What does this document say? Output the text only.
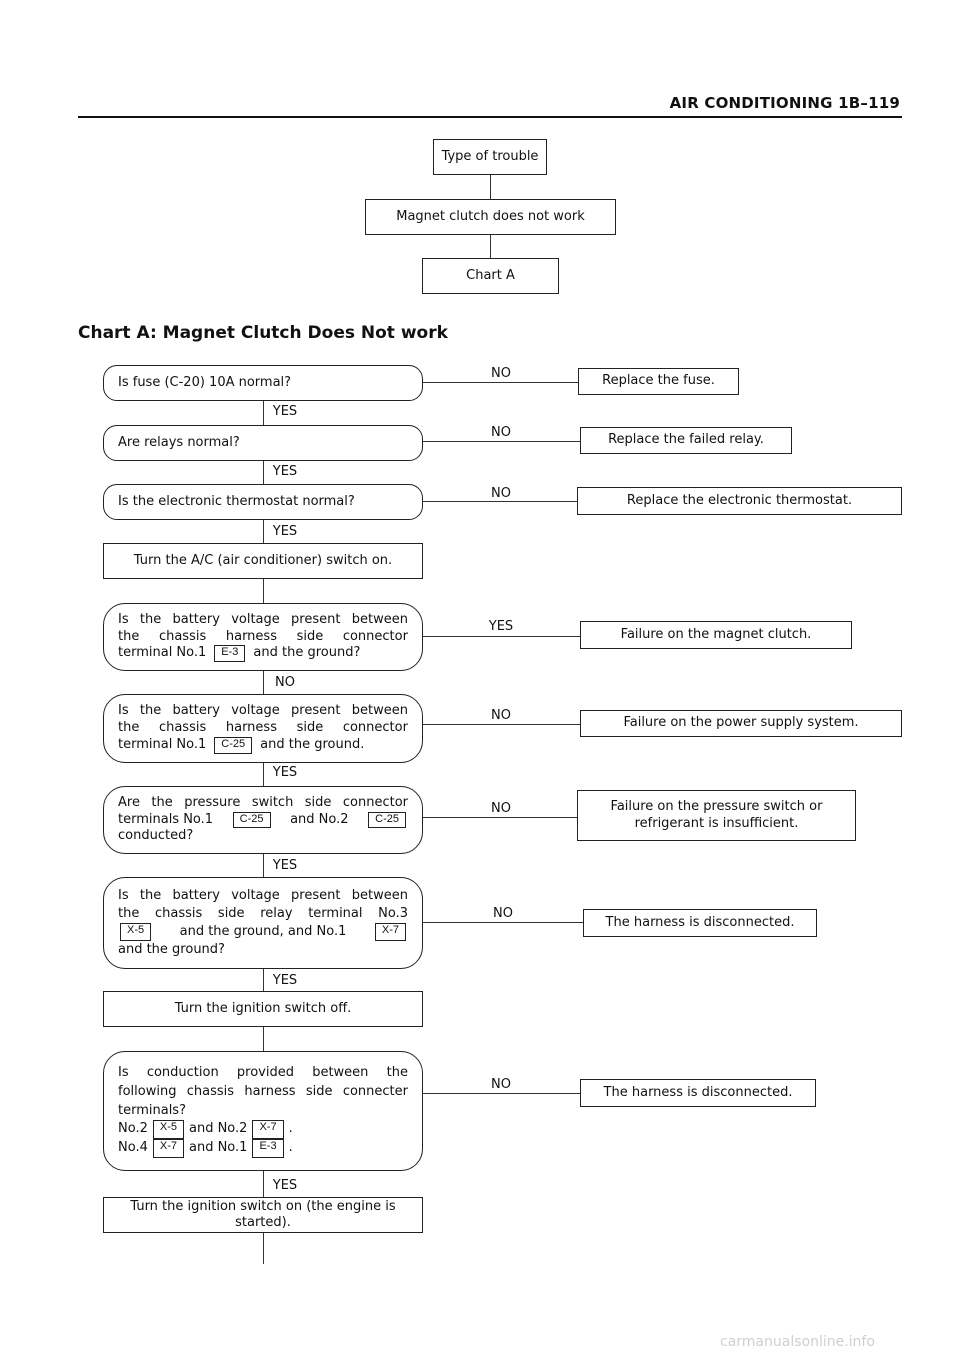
AIR CONDITIONING 1B–119
Type of trouble
Magnet clutch does not work
Chart A
Chart A: Magnet Clutch Does Not work
YES
YES
YES
NO
YES
YES
YES
YES
Is fuse (C-20) 10A normal?
NO	Replace the fuse.
Are relays normal?
NO	Replace the failed relay.
Is the electronic thermostat normal?
NO	Replace the electronic thermostat.
Turn the A/C (air conditioner) switch on.
Is the battery voltage present between
the chassis harness side connector
terminal No.1	E-3	and the ground?
YES
Failure on the magnet clutch.
Is the battery voltage present between
the chassis harness side connector
terminal No.1	C-25	and the ground.
NO	Failure on the power supply system.
Are the pressure switch side connector
terminals No.1	C-25	and No.2	C-25
conducted?
NO	Failure on the pressure switch or refrigerant is insufficient.
Is the battery voltage present between
the chassis side relay terminal No.3
X-5	and the ground, and No.1	X-7
and the ground?
NO
The harness is disconnected.
Turn the ignition switch off.
Is conduction provided between the
following chassis harness side connecter
terminals?
No.2	X-5 and No.2	X-7 .
No.4	X-7 and No.1	E-3 .
NO
The harness is disconnected.
Turn the ignition switch on (the engine is started).
carmanualsonline.info
